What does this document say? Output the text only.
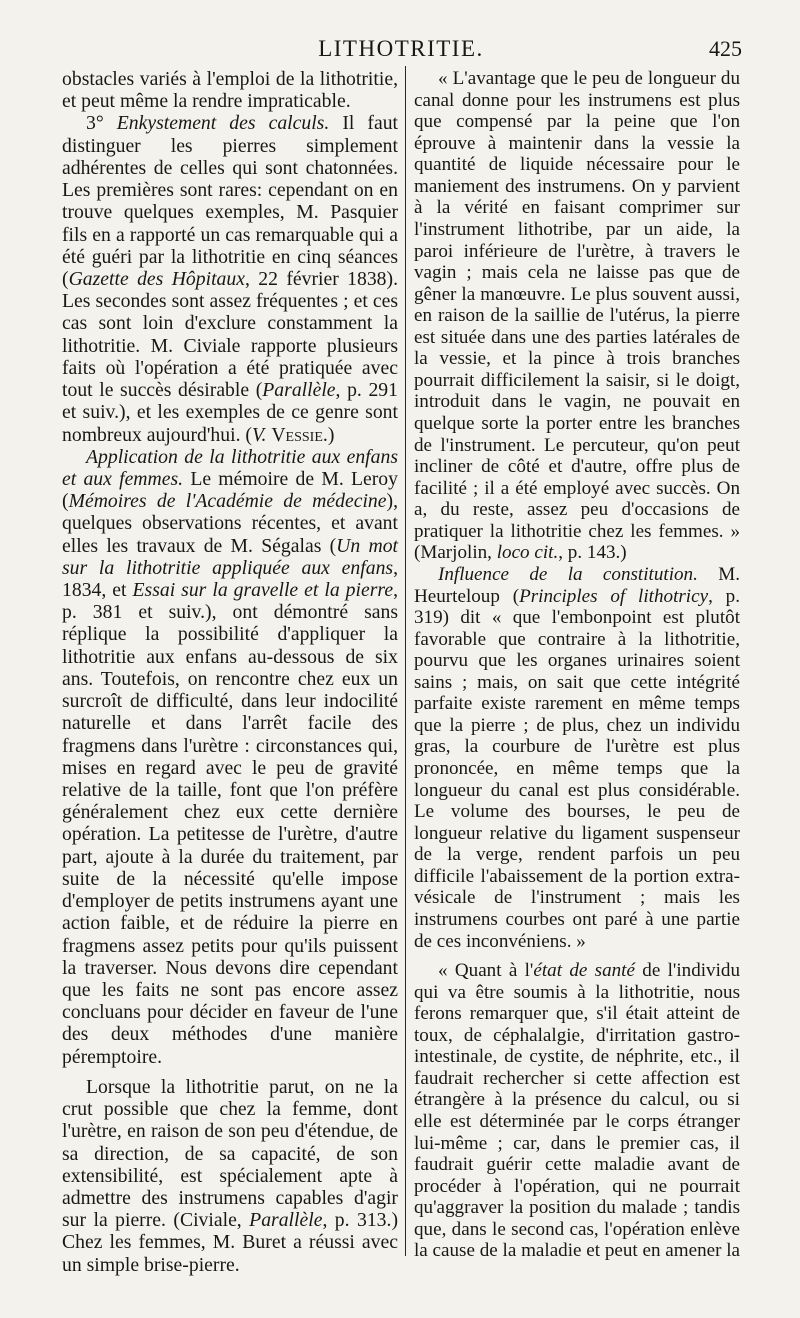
LITHOTRITIE.	425

obstacles variés à l'emploi de la lithotritie, et peut même la rendre impraticable.

3° Enkystement des calculs. Il faut distinguer les pierres simplement adhérentes de celles qui sont chatonnées. Les premières sont rares: cependant on en trouve quelques exemples, M. Pasquier fils en a rapporté un cas remarquable qui a été guéri par la lithotritie en cinq séances (Gazette des Hôpitaux, 22 février 1838). Les secondes sont assez fréquentes ; et ces cas sont loin d'exclure constamment la lithotritie. M. Civiale rapporte plusieurs faits où l'opération a été pratiquée avec tout le succès désirable (Parallèle, p. 291 et suiv.), et les exemples de ce genre sont nombreux aujourd'hui. (V. Vessie.)

Application de la lithotritie aux enfans et aux femmes. Le mémoire de M. Leroy (Mémoires de l'Académie de médecine), quelques observations récentes, et avant elles les travaux de M. Ségalas (Un mot sur la lithotritie appliquée aux enfans, 1834, et Essai sur la gravelle et la pierre, p. 381 et suiv.), ont démontré sans réplique la possibilité d'appliquer la lithotritie aux enfans au-dessous de six ans. Toutefois, on rencontre chez eux un surcroît de difficulté, dans leur indocilité naturelle et dans l'arrêt facile des fragmens dans l'urètre : circonstances qui, mises en regard avec le peu de gravité relative de la taille, font que l'on préfère généralement chez eux cette dernière opération. La petitesse de l'urètre, d'autre part, ajoute à la durée du traitement, par suite de la nécessité qu'elle impose d'employer de petits instrumens ayant une action faible, et de réduire la pierre en fragmens assez petits pour qu'ils puissent la traverser. Nous devons dire cependant que les faits ne sont pas encore assez concluans pour décider en faveur de l'une des deux méthodes d'une manière péremptoire.

Lorsque la lithotritie parut, on ne la crut possible que chez la femme, dont l'urètre, en raison de son peu d'étendue, de sa direction, de sa capacité, de son extensibilité, est spécialement apte à admettre des instrumens capables d'agir sur la pierre. (Civiale, Parallèle, p. 313.) Chez les femmes, M. Buret a réussi avec un simple brise-pierre.

« L'avantage que le peu de longueur du canal donne pour les instrumens est plus que compensé par la peine que l'on éprouve à maintenir dans la vessie la quantité de liquide nécessaire pour le maniement des instrumens. On y parvient à la vérité en faisant comprimer sur l'instrument lithotribe, par un aide, la paroi inférieure de l'urètre, à travers le vagin ; mais cela ne laisse pas que de gêner la manœuvre. Le plus souvent aussi, en raison de la saillie de l'utérus, la pierre est située dans une des parties latérales de la vessie, et la pince à trois branches pourrait difficilement la saisir, si le doigt, introduit dans le vagin, ne pouvait en quelque sorte la porter entre les branches de l'instrument. Le percuteur, qu'on peut incliner de côté et d'autre, offre plus de facilité ; il a été employé avec succès. On a, du reste, assez peu d'occasions de pratiquer la lithotritie chez les femmes. » (Marjolin, loco cit., p. 143.)

Influence de la constitution. M. Heurteloup (Principles of lithotricy, p. 319) dit « que l'embonpoint est plutôt favorable que contraire à la lithotritie, pourvu que les organes urinaires soient sains ; mais, on sait que cette intégrité parfaite existe rarement en même temps que la pierre ; de plus, chez un individu gras, la courbure de l'urètre est plus prononcée, en même temps que la longueur du canal est plus considérable. Le volume des bourses, le peu de longueur relative du ligament suspenseur de la verge, rendent parfois un peu difficile l'abaissement de la portion extra-vésicale de l'instrument ; mais les instrumens courbes ont paré à une partie de ces inconvéniens. »

« Quant à l'état de santé de l'individu qui va être soumis à la lithotritie, nous ferons remarquer que, s'il était atteint de toux, de céphalalgie, d'irritation gastro-intestinale, de cystite, de néphrite, etc., il faudrait rechercher si cette affection est étrangère à la présence du calcul, ou si elle est déterminée par le corps étranger lui-même ; car, dans le premier cas, il faudrait guérir cette maladie avant de procéder à l'opération, qui ne pourrait qu'aggraver la position du malade ; tandis que, dans le second cas, l'opération enlève la cause de la maladie et peut en amener la
